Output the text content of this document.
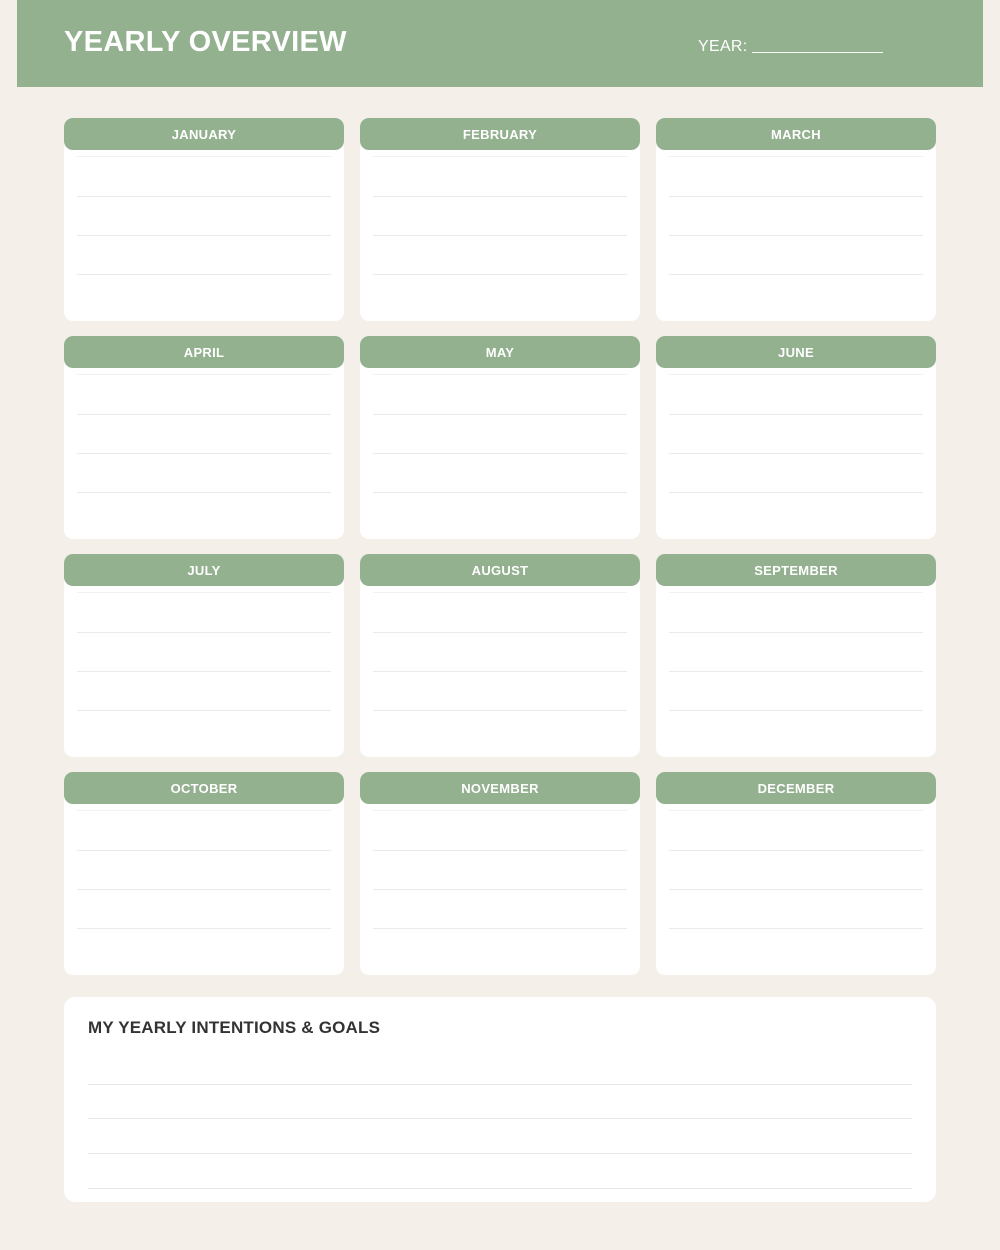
YEARLY OVERVIEW	YEAR:
JANUARY	FEBRUARY	MARCH
APRIL	MAY	JUNE
JULY	AUGUST	SEPTEMBER
OCTOBER	NOVEMBER	DECEMBER
MY YEARLY INTENTIONS & GOALS
